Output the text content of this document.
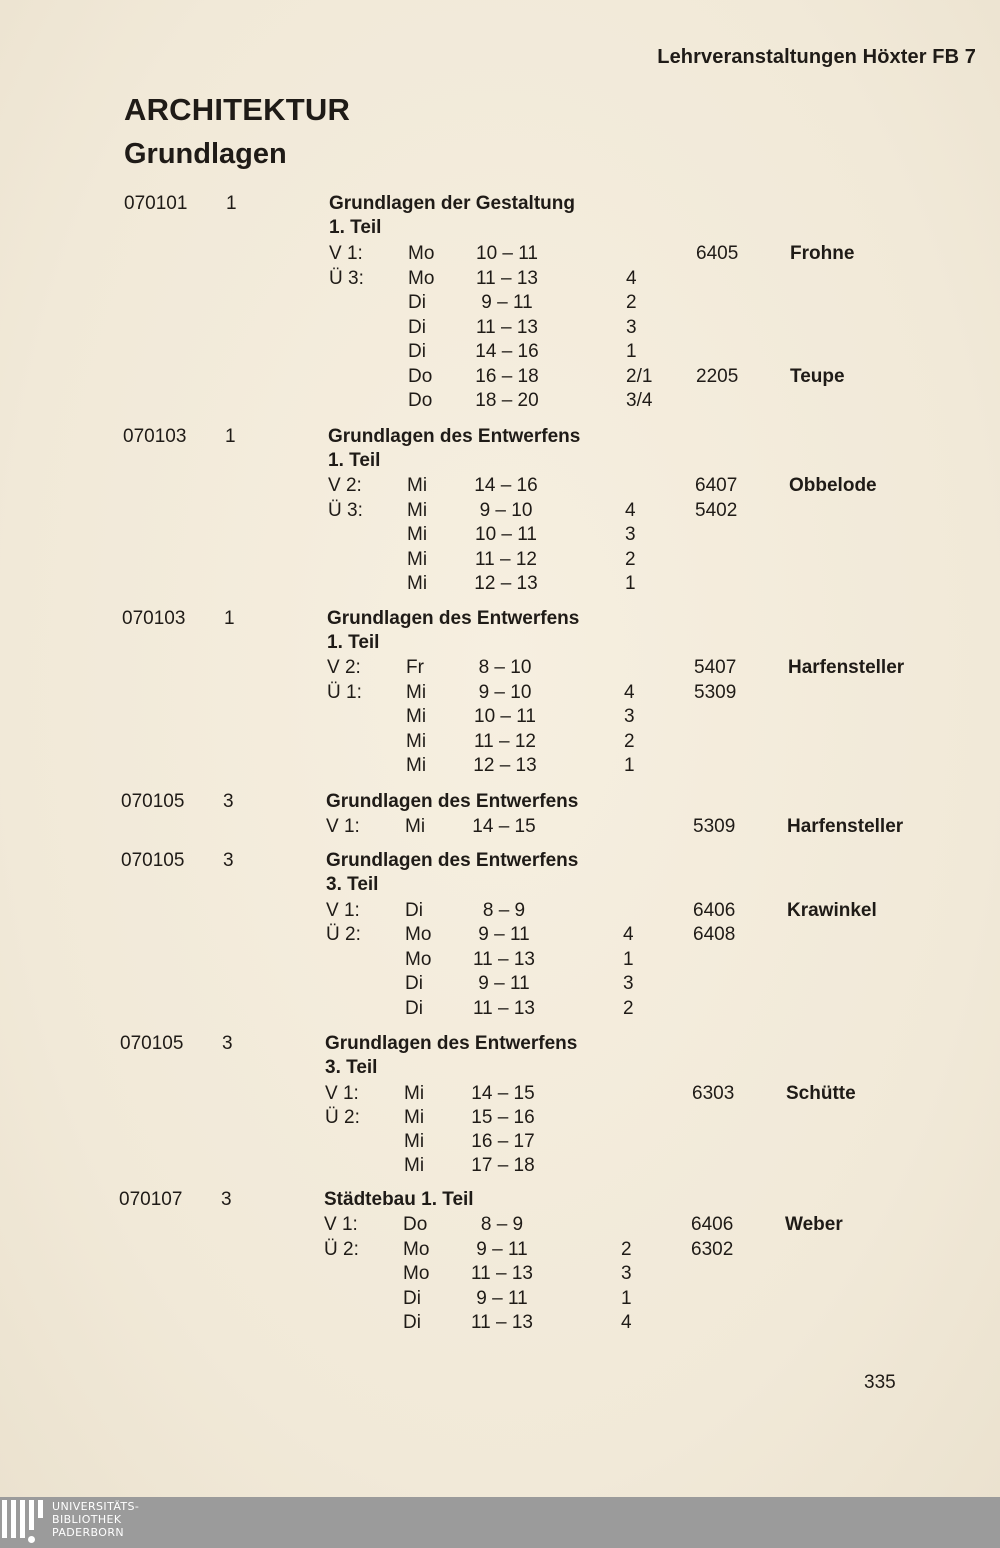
Lehrveranstaltungen Höxter FB 7
ARCHITEKTUR
Grundlagen
070101 1	Grundlagen der Gestaltung
1. Teil
V 1: Mo 10 – 11	6405	Frohne
Ü 3: Mo 11 – 13	4
Di	9 – 11	2
Di	11 – 13	3
Di	14 – 16	1
Do 16 – 18	2/1 2205	Teupe
Do 18 – 20	3/4
070103 1	Grundlagen des Entwerfens
1. Teil
V 2: Mi 14 – 16	6407	Obbelode
Ü 3: Mi	9 – 10	4	5402
Mi	10 – 11	3
Mi	11 – 12	2
Mi 12 – 13	1
070103 1	Grundlagen des Entwerfens
1. Teil
V 2: Fr	8 – 10	5407	Harfensteller
Ü 1: Mi	9 – 10	4	5309
Mi	10 – 11	3
Mi	11 – 12	2
Mi 12 – 13	1
070105 3	Grundlagen des Entwerfens
V 1: Mi 14 – 15	5309	Harfensteller
070105 3	Grundlagen des Entwerfens
3. Teil
V 1: Di	8 – 9	6406	Krawinkel
Ü 2: Mo	9 – 11	4	6408
Mo 11 – 13	1
Di	9 – 11	3
Di	11 – 13	2
070105 3	Grundlagen des Entwerfens
3. Teil
V 1: Mi 14 – 15	6303	Schütte
Ü 2: Mi 15 – 16
Mi 16 – 17
Mi 17 – 18
070107 3	Städtebau 1. Teil
V 1: Do	8 – 9	6406	Weber
Ü 2: Mo	9 – 11	2	6302
Mo 11 – 13	3
Di	9 – 11	1
Di	11 – 13	4
335
UNIVERSITÄTS-
BIBLIOTHEK
PADERBORN
